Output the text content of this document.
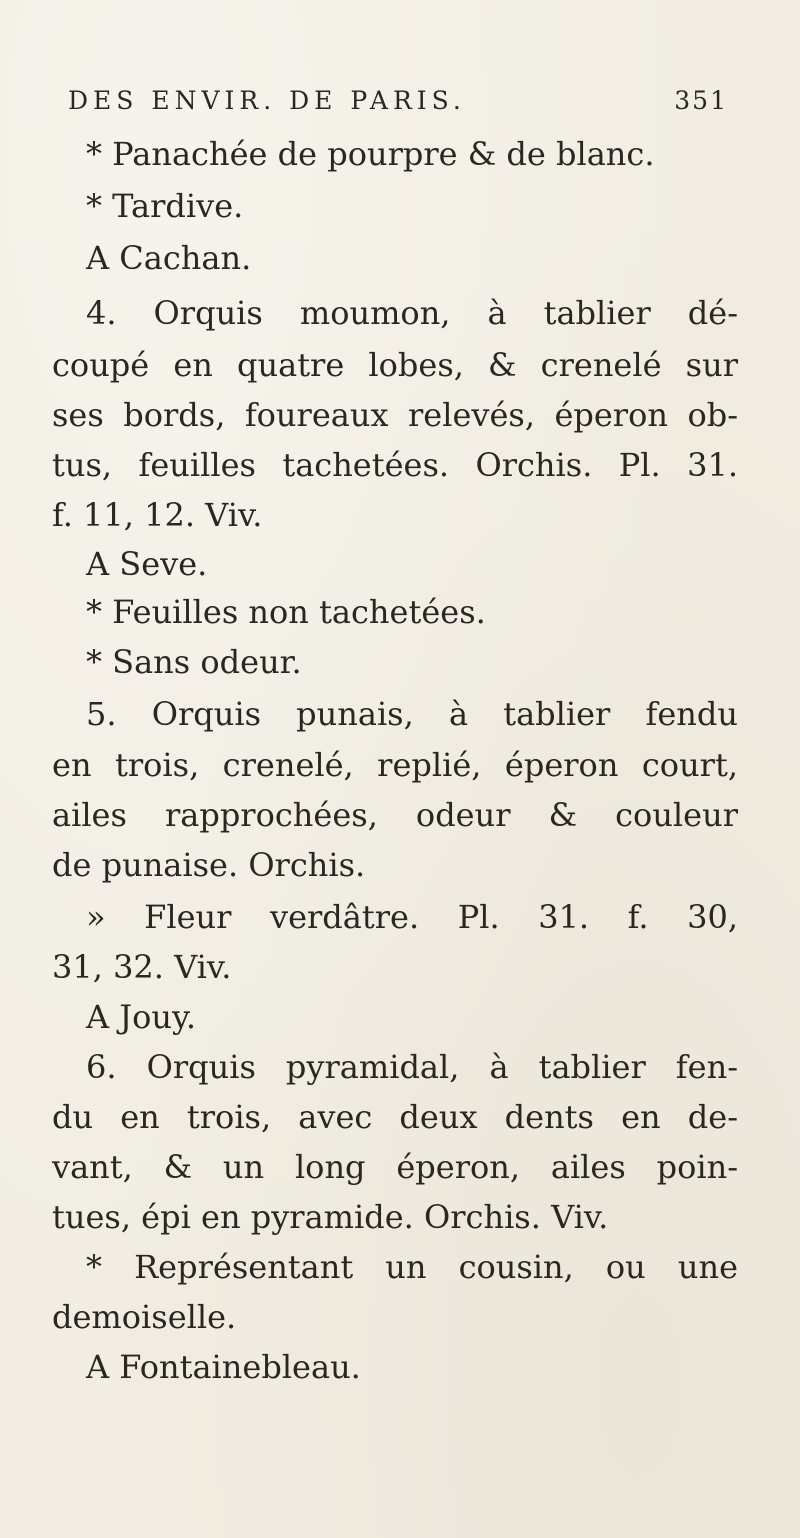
DES ENVIR. DE PARIS.	351
* Panachée de pourpre & de blanc.
* Tardive.
A Cachan.
4. Orquis moumon, à tablier dé-
coupé en quatre lobes, & crenelé sur
ses bords, foureaux relevés, éperon ob-
tus, feuilles tachetées. Orchis. Pl. 31.
f. 11, 12. Viv.
A Seve.
* Feuilles non tachetées.
* Sans odeur.
5. Orquis punais, à tablier fendu
en trois, crenelé, replié, éperon court,
ailes rapprochées, odeur & couleur
de punaise. Orchis.
» Fleur verdâtre. Pl. 31. f. 30,
31, 32. Viv.
A Jouy.
6. Orquis pyramidal, à tablier fen-
du en trois, avec deux dents en de-
vant, & un long éperon, ailes poin-
tues, épi en pyramide. Orchis. Viv.
* Représentant un cousin, ou une
demoiselle.
A Fontainebleau.
